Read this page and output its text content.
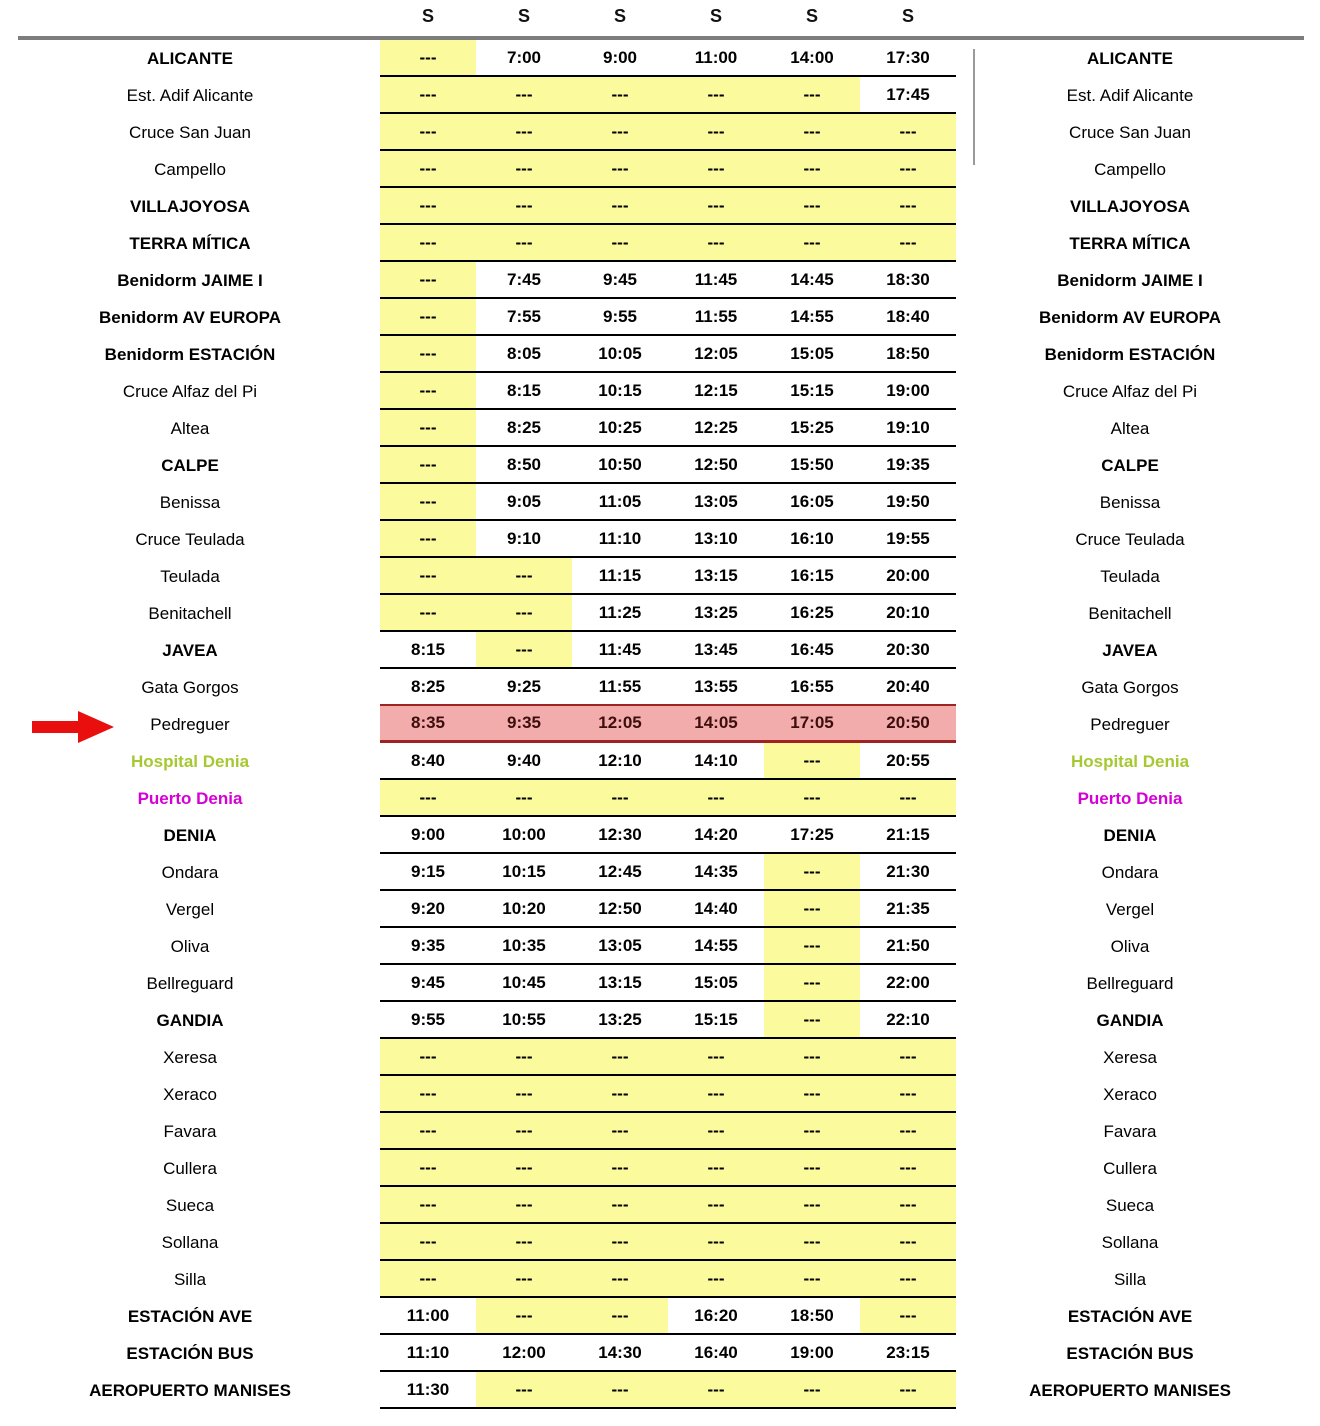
S	S	S	S	S	S
ALICANTE	---	7:00	9:00	11:00	14:00	17:30	ALICANTE
Est. Adif Alicante	---	---	---	---	---	17:45	Est. Adif Alicante
Cruce San Juan	---	---	---	---	---	---	Cruce San Juan
Campello	---	---	---	---	---	---	Campello
VILLAJOYOSA	---	---	---	---	---	---	VILLAJOYOSA
TERRA MÍTICA	---	---	---	---	---	---	TERRA MÍTICA
Benidorm JAIME I	---	7:45	9:45	11:45	14:45	18:30	Benidorm JAIME I
Benidorm AV EUROPA	---	7:55	9:55	11:55	14:55	18:40	Benidorm AV EUROPA
Benidorm ESTACIÓN	---	8:05	10:05	12:05	15:05	18:50	Benidorm ESTACIÓN
Cruce Alfaz del Pi	---	8:15	10:15	12:15	15:15	19:00	Cruce Alfaz del Pi
Altea	---	8:25	10:25	12:25	15:25	19:10	Altea
CALPE	---	8:50	10:50	12:50	15:50	19:35	CALPE
Benissa	---	9:05	11:05	13:05	16:05	19:50	Benissa
Cruce Teulada	---	9:10	11:10	13:10	16:10	19:55	Cruce Teulada
Teulada	---	---	11:15	13:15	16:15	20:00	Teulada
Benitachell	---	---	11:25	13:25	16:25	20:10	Benitachell
JAVEA	8:15	---	11:45	13:45	16:45	20:30	JAVEA
Gata Gorgos	8:25	9:25	11:55	13:55	16:55	20:40	Gata Gorgos
Pedreguer	8:35	9:35	12:05	14:05	17:05	20:50	Pedreguer
Hospital Denia	8:40	9:40	12:10	14:10	---	20:55	Hospital Denia
Puerto Denia	---	---	---	---	---	---	Puerto Denia
DENIA	9:00	10:00	12:30	14:20	17:25	21:15	DENIA
Ondara	9:15	10:15	12:45	14:35	---	21:30	Ondara
Vergel	9:20	10:20	12:50	14:40	---	21:35	Vergel
Oliva	9:35	10:35	13:05	14:55	---	21:50	Oliva
Bellreguard	9:45	10:45	13:15	15:05	---	22:00	Bellreguard
GANDIA	9:55	10:55	13:25	15:15	---	22:10	GANDIA
Xeresa	---	---	---	---	---	---	Xeresa
Xeraco	---	---	---	---	---	---	Xeraco
Favara	---	---	---	---	---	---	Favara
Cullera	---	---	---	---	---	---	Cullera
Sueca	---	---	---	---	---	---	Sueca
Sollana	---	---	---	---	---	---	Sollana
Silla	---	---	---	---	---	---	Silla
ESTACIÓN AVE	11:00	---	---	16:20	18:50	---	ESTACIÓN AVE
ESTACIÓN BUS	11:10	12:00	14:30	16:40	19:00	23:15	ESTACIÓN BUS
AEROPUERTO MANISES	11:30	---	---	---	---	---	AEROPUERTO MANISES
